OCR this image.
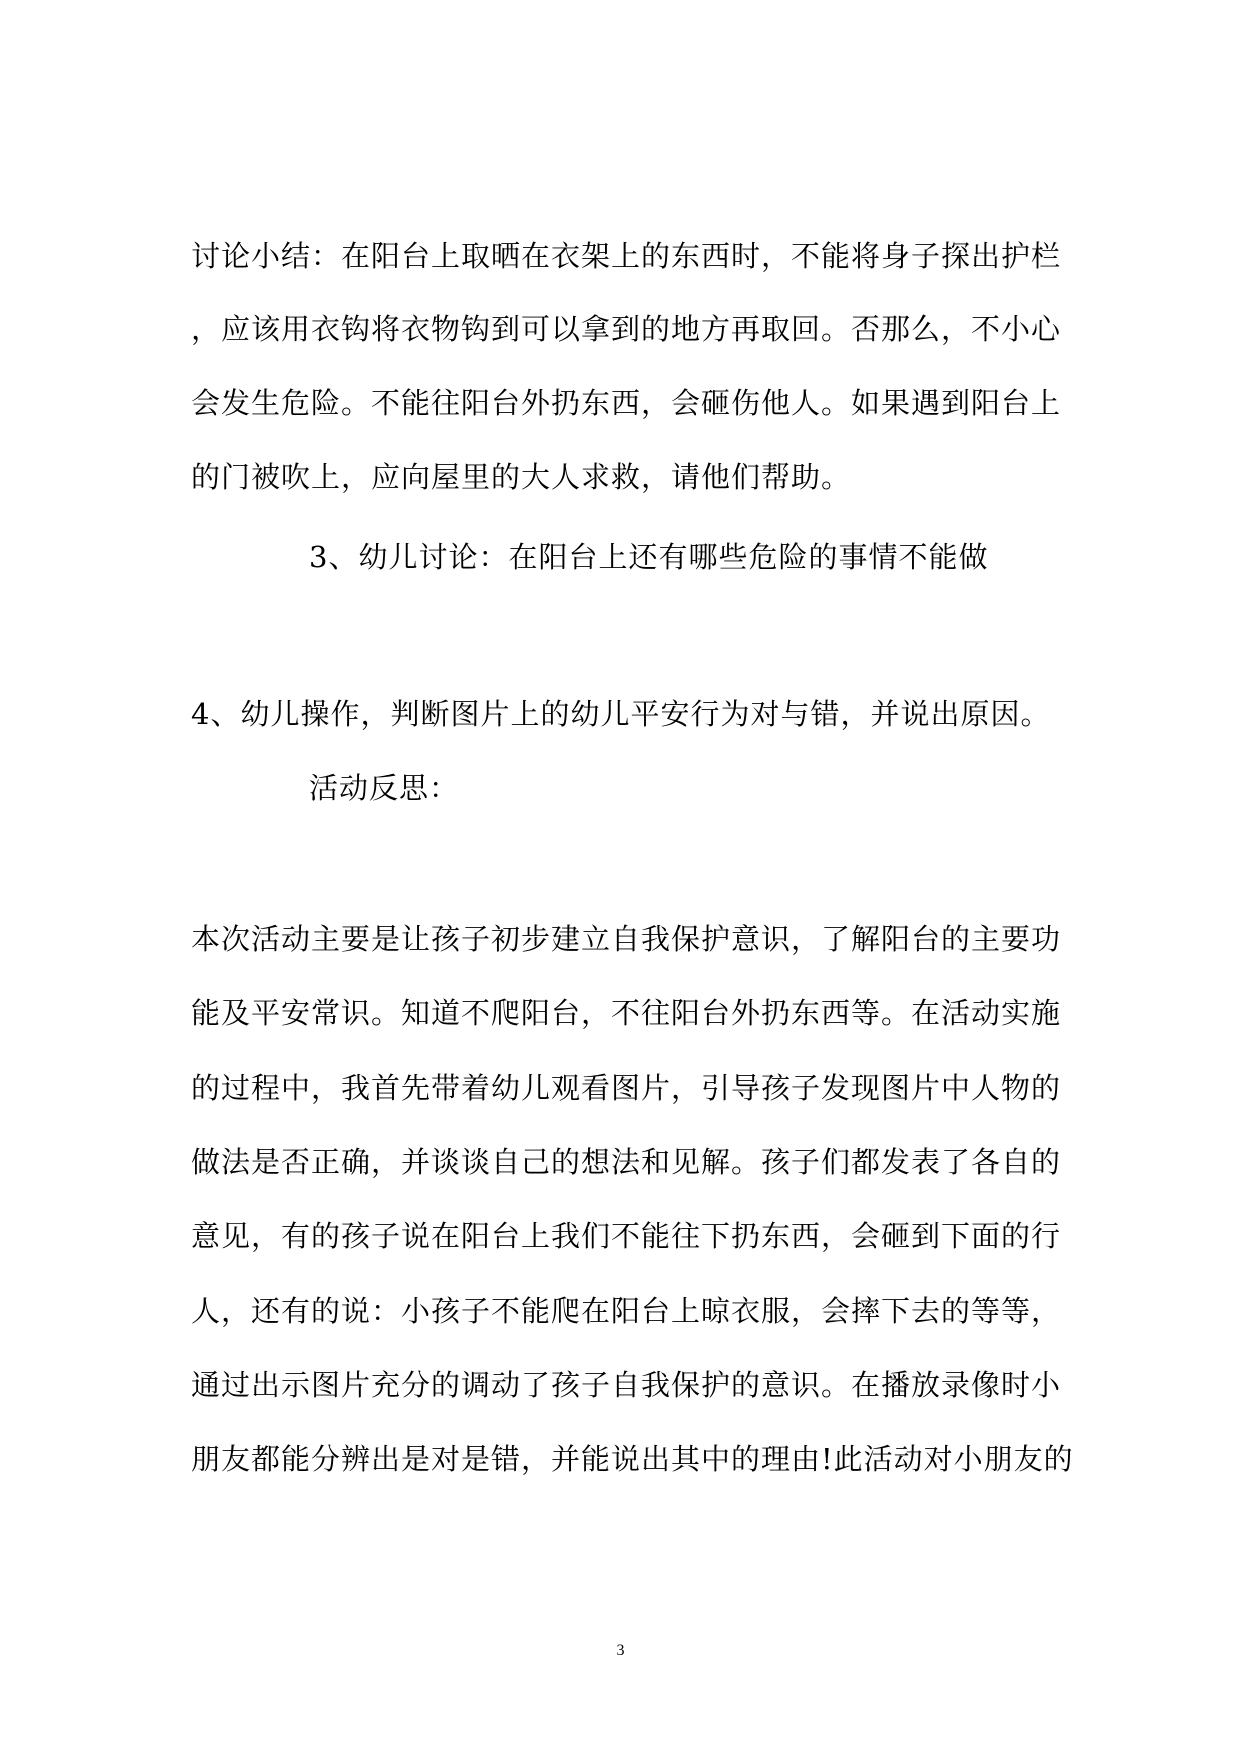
讨论小结：在阳台上取晒在衣架上的东西时，不能将身子探出护栏
，应该用衣钩将衣物钩到可以拿到的地方再取回。否那么，不小心
会发生危险。不能往阳台外扔东西，会砸伤他人。如果遇到阳台上
的门被吹上，应向屋里的大人求救，请他们帮助。
3、幼儿讨论：在阳台上还有哪些危险的事情不能做
4、幼儿操作，判断图片上的幼儿平安行为对与错，并说出原因。
活动反思：
本次活动主要是让孩子初步建立自我保护意识，了解阳台的主要功
能及平安常识。知道不爬阳台，不往阳台外扔东西等。在活动实施
的过程中，我首先带着幼儿观看图片，引导孩子发现图片中人物的
做法是否正确，并谈谈自己的想法和见解。孩子们都发表了各自的
意见，有的孩子说在阳台上我们不能往下扔东西，会砸到下面的行
人，还有的说：小孩子不能爬在阳台上晾衣服，会摔下去的等等，
通过出示图片充分的调动了孩子自我保护的意识。在播放录像时小
朋友都能分辨出是对是错，并能说出其中的理由!此活动对小朋友的
3
